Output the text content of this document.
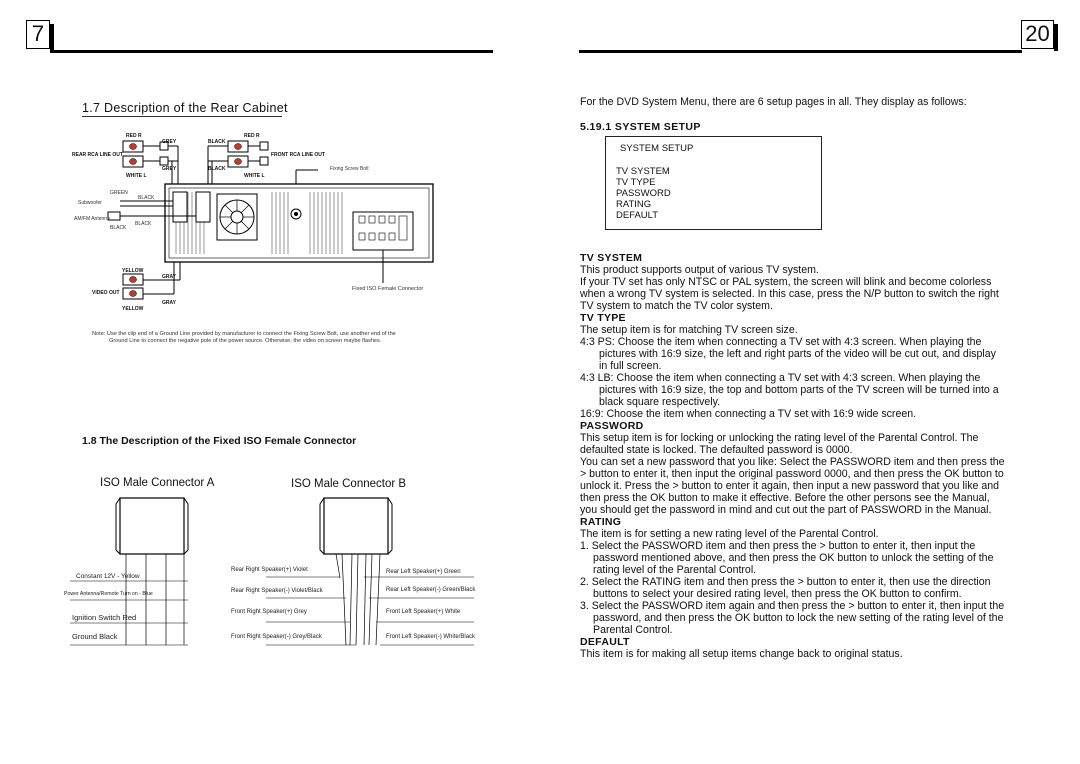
7
1.7 Description of the Rear Cabinet
RED R
GREY	BLACK
RED R
REAR RCA LINE OUT	FRONT RCA LINE OUT
GREY	BLACK
WHITE L	WHITE L
Fixing Screw Bolt
GREEN
BLACK
Subwoofer
AM/FM Antenna
BLACK
BLACK
YELLOW
GRAY
VIDEO OUT
GRAY
YELLOW
Fixed ISO Female Connector
Note: Use the clip end of a Ground Line provided by manufacturer to connect the Fixing Screw Bolt, use another end of the
Ground Line to connect the negative pole of the power source. Otherwise, the video on screen maybe flashes.
1.8 The Description of the Fixed ISO Female Connector
ISO Male Connector A	ISO Male Connector B
Constant 12V - Yellow
Power Antenna/Remote Turn on - Blue
Ignition Switch Red
Ground Black
Rear Right Speaker(+) Violet
Rear Right Speaker(-) Violet/Black
Front Right Speaker(+) Grey
Front Right Speaker(-) Grey/Black
Rear Left Speaker(+) Green
Rear Left Speaker(-) Green/Black
Front Left Speaker(+) White
Front Left Speaker(-) White/Black
20
For the DVD System Menu, there are 6 setup pages in all. They display as follows:
5.19.1 SYSTEM SETUP
SYSTEM SETUP
TV SYSTEM
TV TYPE
PASSWORD
RATING
DEFAULT
TV SYSTEM

This product supports output of various TV system.

If your TV set has only NTSC or PAL system, the screen will blink and become colorless when a wrong TV system is selected. In this case, press the N/P button to switch the right TV system to match the TV color system.

TV TYPE

The setup item is for matching TV screen size.

4:3 PS: Choose the item when connecting a TV set with 4:3 screen. When playing the pictures with 16:9 size, the left and right parts of the video will be cut out, and display in full screen.

4:3 LB: Choose the item when connecting a TV set with 4:3 screen. When playing the pictures with 16:9 size, the top and bottom parts of the TV screen will be turned into a black square respectively.

16:9: Choose the item when connecting a TV set with 16:9 wide screen.

PASSWORD

This setup item is for locking or unlocking the rating level of the Parental Control. The defaulted state is locked. The defaulted password is 0000.

You can set a new password that you like: Select the PASSWORD item and then press the > button to enter it, then input the original password 0000, and then press the OK button to unlock it. Press the > button to enter it again, then input a new password that you like and then press the OK button to make it effective. Before the other persons see the Manual, you should get the password in mind and cut out the part of PASSWORD in the Manual.

RATING

The item is for setting a new rating level of the Parental Control.

1. Select the PASSWORD item and then press the > button to enter it, then input the password mentioned above, and then press the OK button to unlock the setting of the rating level of the Parental Control.

2. Select the RATING item and then press the > button to enter it, then use the direction buttons to select your desired rating level, then press the OK button to confirm.

3. Select the PASSWORD item again and then press the > button to enter it, then input the password, and then press the OK button to lock the new setting of the rating level of the Parental Control.

DEFAULT

This item is for making all setup items change back to original status.
